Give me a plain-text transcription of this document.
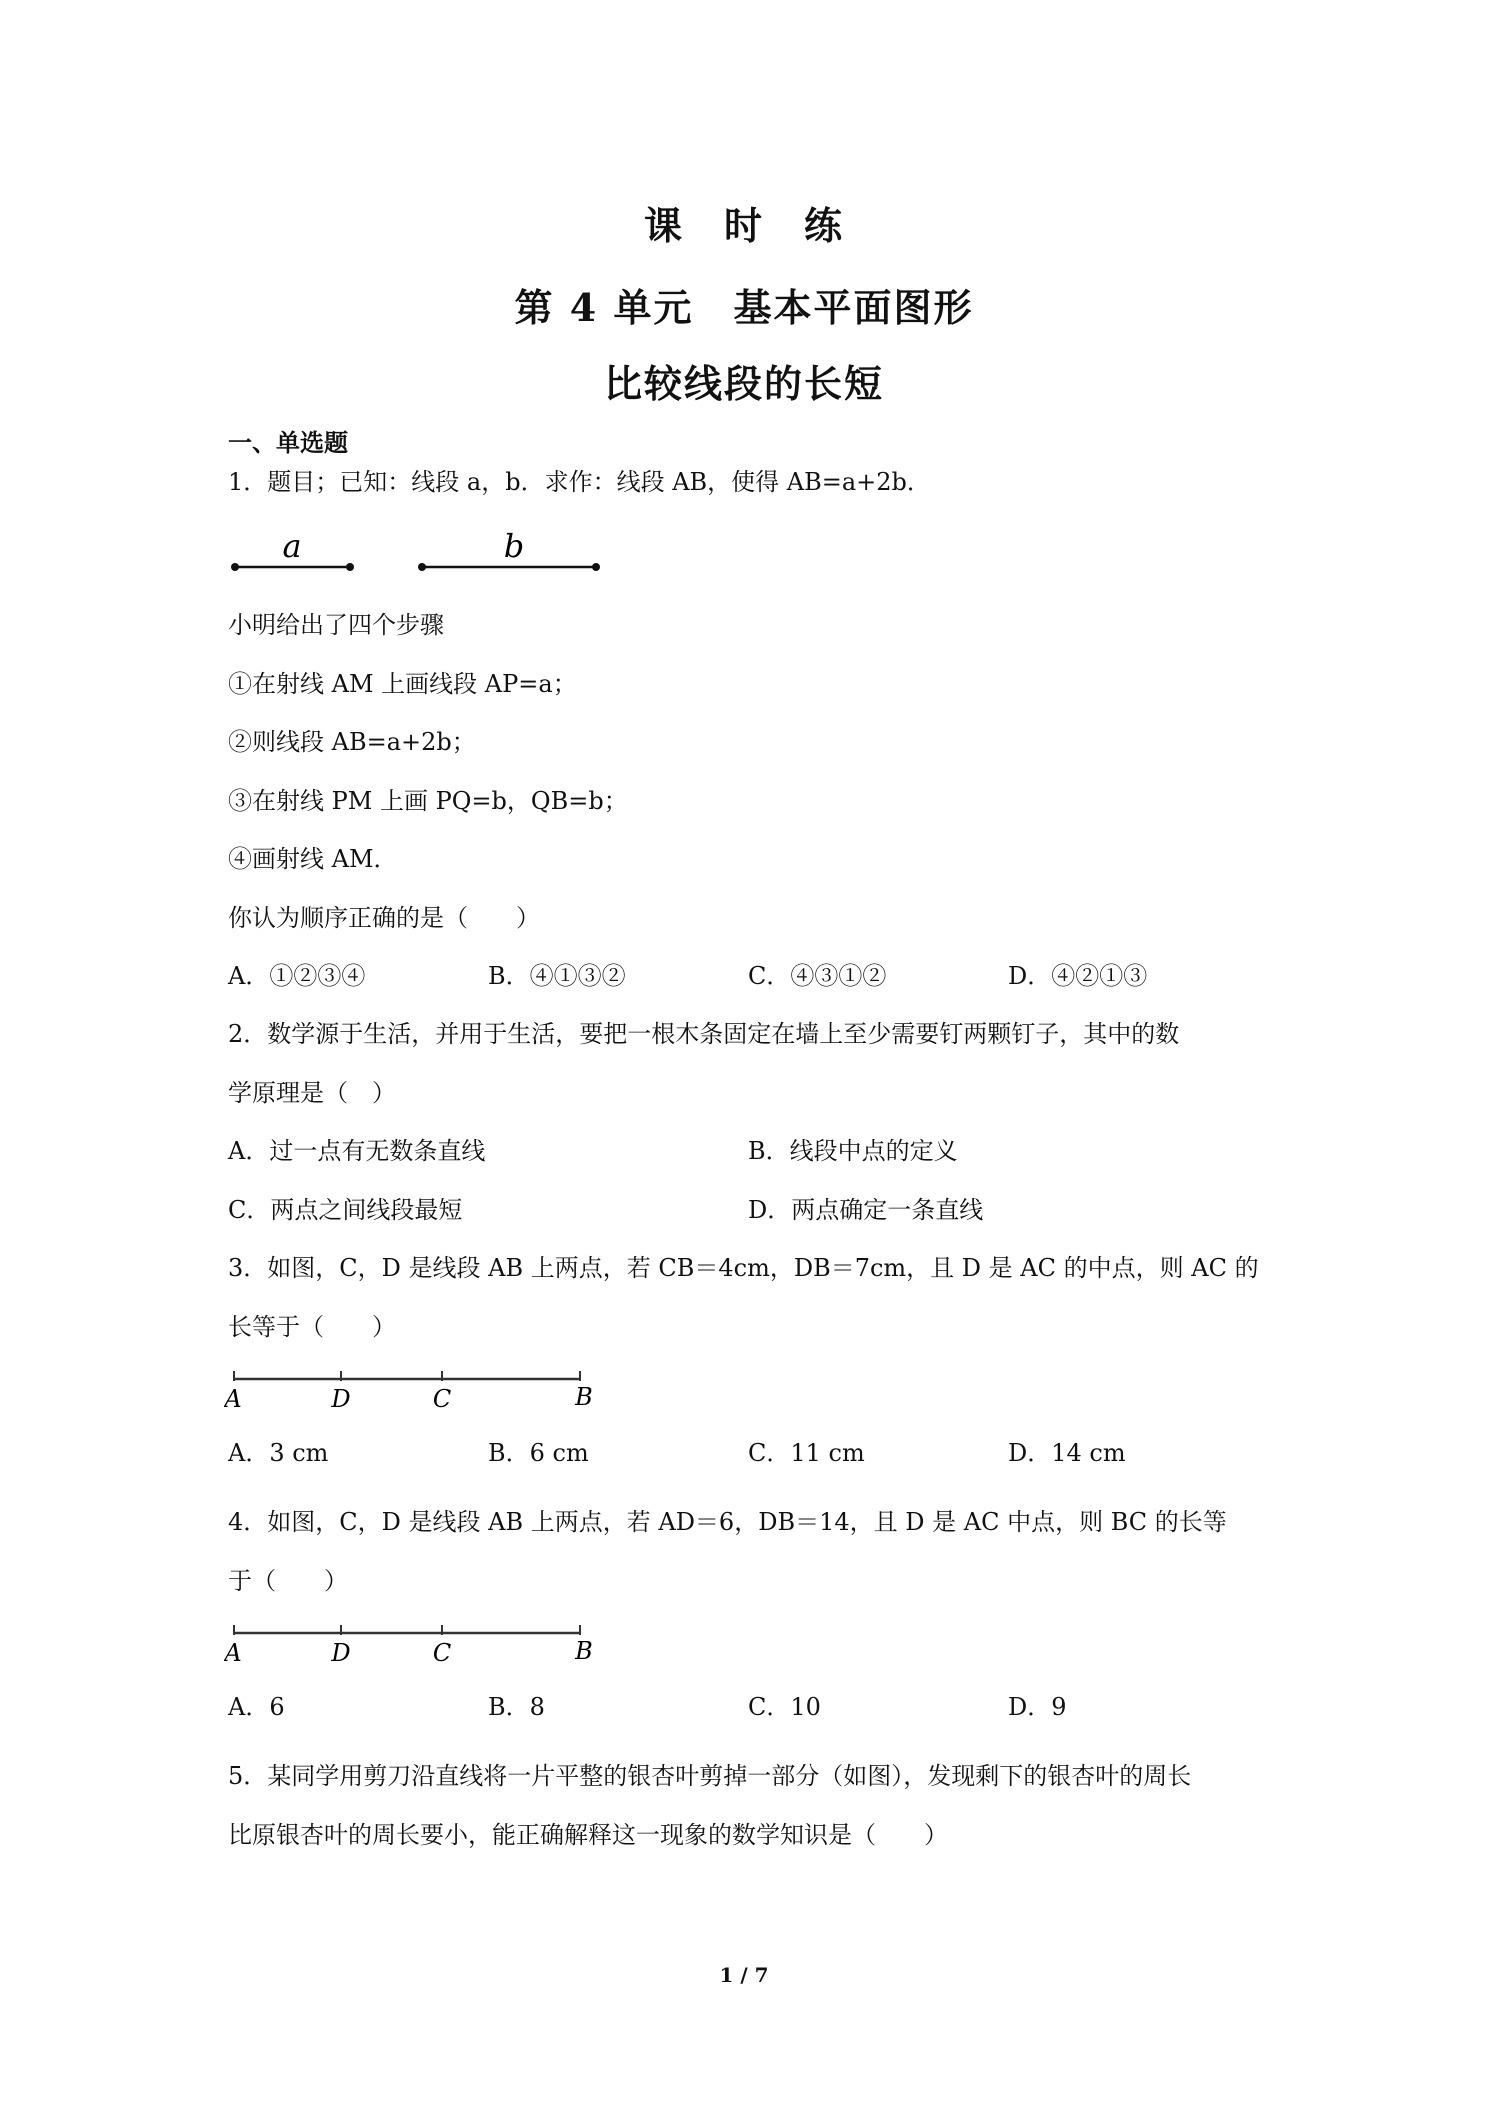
课　时　练
第 4 单元　基本平面图形
比较线段的长短
一、单选题
1．题目；已知：线段 a，b．求作：线段 AB，使得 AB=a+2b．
a	b
小明给出了四个步骤
①在射线 AM 上画线段 AP=a；
②则线段 AB=a+2b；
③在射线 PM 上画 PQ=b，QB=b；
④画射线 AM．
你认为顺序正确的是（　　）
A．①②③④	B．④①③②	C．④③①②	D．④②①③
2．数学源于生活，并用于生活，要把一根木条固定在墙上至少需要钉两颗钉子，其中的数
学原理是（　）
A．过一点有无数条直线	B．线段中点的定义
C．两点之间线段最短	D．两点确定一条直线
3．如图，C，D 是线段 AB 上两点，若 CB＝4cm，DB＝7cm，且 D 是 AC 的中点，则 AC 的
长等于（　　）
A	D	C	B
A．3 cm	B．6 cm	C．11 cm	D．14 cm
4．如图，C，D 是线段 AB 上两点，若 AD＝6，DB＝14，且 D 是 AC 中点，则 BC 的长等
于（　　）
A	D	C	B
A．6	B．8	C．10	D．9
5．某同学用剪刀沿直线将一片平整的银杏叶剪掉一部分（如图），发现剩下的银杏叶的周长
比原银杏叶的周长要小，能正确解释这一现象的数学知识是（　　）
1 / 7
